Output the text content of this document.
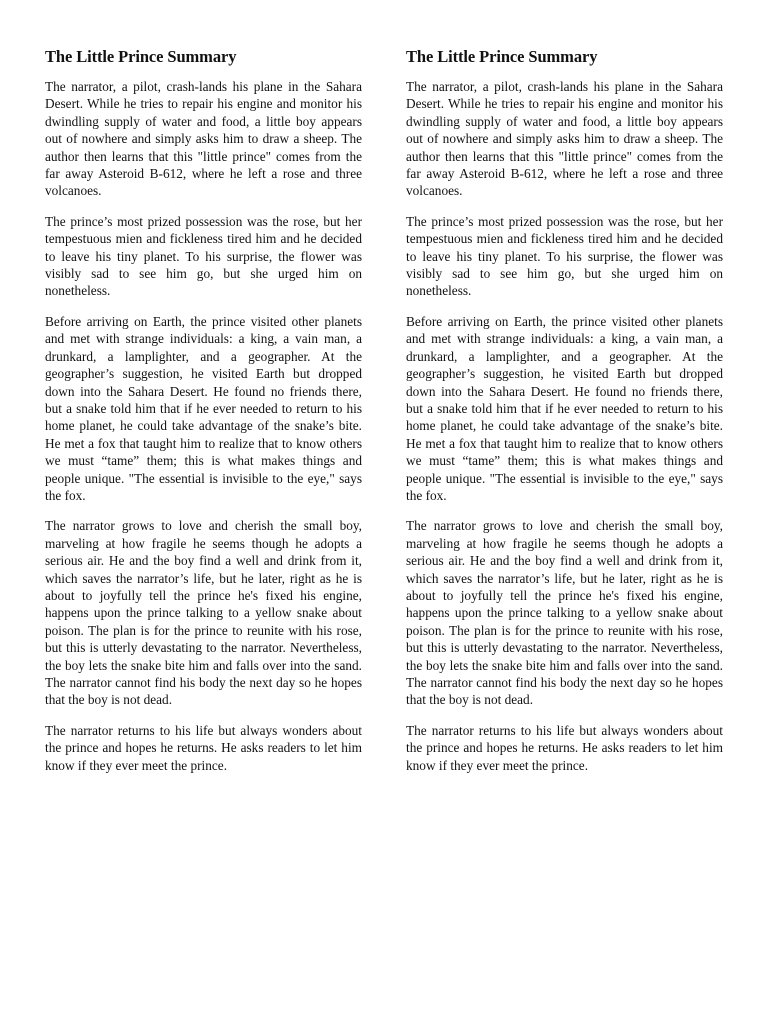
The Little Prince Summary

The narrator, a pilot, crash-lands his plane in the Sahara Desert. While he tries to repair his engine and monitor his dwindling supply of water and food, a little boy appears out of nowhere and simply asks him to draw a sheep. The author then learns that this "little prince" comes from the far away Asteroid B-612, where he left a rose and three volcanoes.

The prince’s most prized possession was the rose, but her tempestuous mien and fickleness tired him and he decided to leave his tiny planet. To his surprise, the flower was visibly sad to see him go, but she urged him on nonetheless.

Before arriving on Earth, the prince visited other planets and met with strange individuals: a king, a vain man, a drunkard, a lamplighter, and a geographer. At the geographer’s suggestion, he visited Earth but dropped down into the Sahara Desert. He found no friends there, but a snake told him that if he ever needed to return to his home planet, he could take advantage of the snake’s bite. He met a fox that taught him to realize that to know others we must “tame” them; this is what makes things and people unique. "The essential is invisible to the eye," says the fox.

The narrator grows to love and cherish the small boy, marveling at how fragile he seems though he adopts a serious air. He and the boy find a well and drink from it, which saves the narrator’s life, but he later, right as he is about to joyfully tell the prince he's fixed his engine, happens upon the prince talking to a yellow snake about poison. The plan is for the prince to reunite with his rose, but this is utterly devastating to the narrator. Nevertheless, the boy lets the snake bite him and falls over into the sand. The narrator cannot find his body the next day so he hopes that the boy is not dead.

The narrator returns to his life but always wonders about the prince and hopes he returns. He asks readers to let him know if they ever meet the prince.

The Little Prince Summary

The narrator, a pilot, crash-lands his plane in the Sahara Desert. While he tries to repair his engine and monitor his dwindling supply of water and food, a little boy appears out of nowhere and simply asks him to draw a sheep. The author then learns that this "little prince" comes from the far away Asteroid B-612, where he left a rose and three volcanoes.

The prince’s most prized possession was the rose, but her tempestuous mien and fickleness tired him and he decided to leave his tiny planet. To his surprise, the flower was visibly sad to see him go, but she urged him on nonetheless.

Before arriving on Earth, the prince visited other planets and met with strange individuals: a king, a vain man, a drunkard, a lamplighter, and a geographer. At the geographer’s suggestion, he visited Earth but dropped down into the Sahara Desert. He found no friends there, but a snake told him that if he ever needed to return to his home planet, he could take advantage of the snake’s bite. He met a fox that taught him to realize that to know others we must “tame” them; this is what makes things and people unique. "The essential is invisible to the eye," says the fox.

The narrator grows to love and cherish the small boy, marveling at how fragile he seems though he adopts a serious air. He and the boy find a well and drink from it, which saves the narrator’s life, but he later, right as he is about to joyfully tell the prince he's fixed his engine, happens upon the prince talking to a yellow snake about poison. The plan is for the prince to reunite with his rose, but this is utterly devastating to the narrator. Nevertheless, the boy lets the snake bite him and falls over into the sand. The narrator cannot find his body the next day so he hopes that the boy is not dead.

The narrator returns to his life but always wonders about the prince and hopes he returns. He asks readers to let him know if they ever meet the prince.
